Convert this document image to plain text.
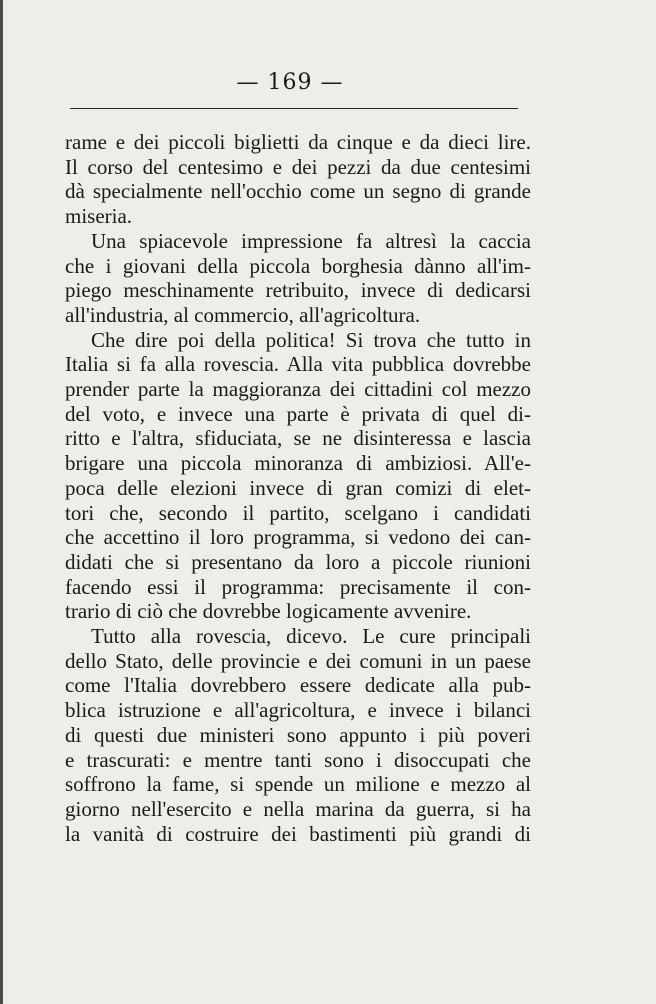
— 169 —
rame e dei piccoli biglietti da cinque e da dieci lire.
Il corso del centesimo e dei pezzi da due centesimi
dà specialmente nell'occhio come un segno di grande
miseria.
Una spiacevole impressione fa altresì la caccia
che i giovani della piccola borghesia dànno all'im-
piego meschinamente retribuito, invece di dedicarsi
all'industria, al commercio, all'agricoltura.
Che dire poi della politica! Si trova che tutto in
Italia si fa alla rovescia. Alla vita pubblica dovrebbe
prender parte la maggioranza dei cittadini col mezzo
del voto, e invece una parte è privata di quel di-
ritto e l'altra, sfiduciata, se ne disinteressa e lascia
brigare una piccola minoranza di ambiziosi. All'e-
poca delle elezioni invece di gran comizi di elet-
tori che, secondo il partito, scelgano i candidati
che accettino il loro programma, si vedono dei can-
didati che si presentano da loro a piccole riunioni
facendo essi il programma: precisamente il con-
trario di ciò che dovrebbe logicamente avvenire.
Tutto alla rovescia, dicevo. Le cure principali
dello Stato, delle provincie e dei comuni in un paese
come l'Italia dovrebbero essere dedicate alla pub-
blica istruzione e all'agricoltura, e invece i bilanci
di questi due ministeri sono appunto i più poveri
e trascurati: e mentre tanti sono i disoccupati che
soffrono la fame, si spende un milione e mezzo al
giorno nell'esercito e nella marina da guerra, si ha
la vanità di costruire dei bastimenti più grandi di
